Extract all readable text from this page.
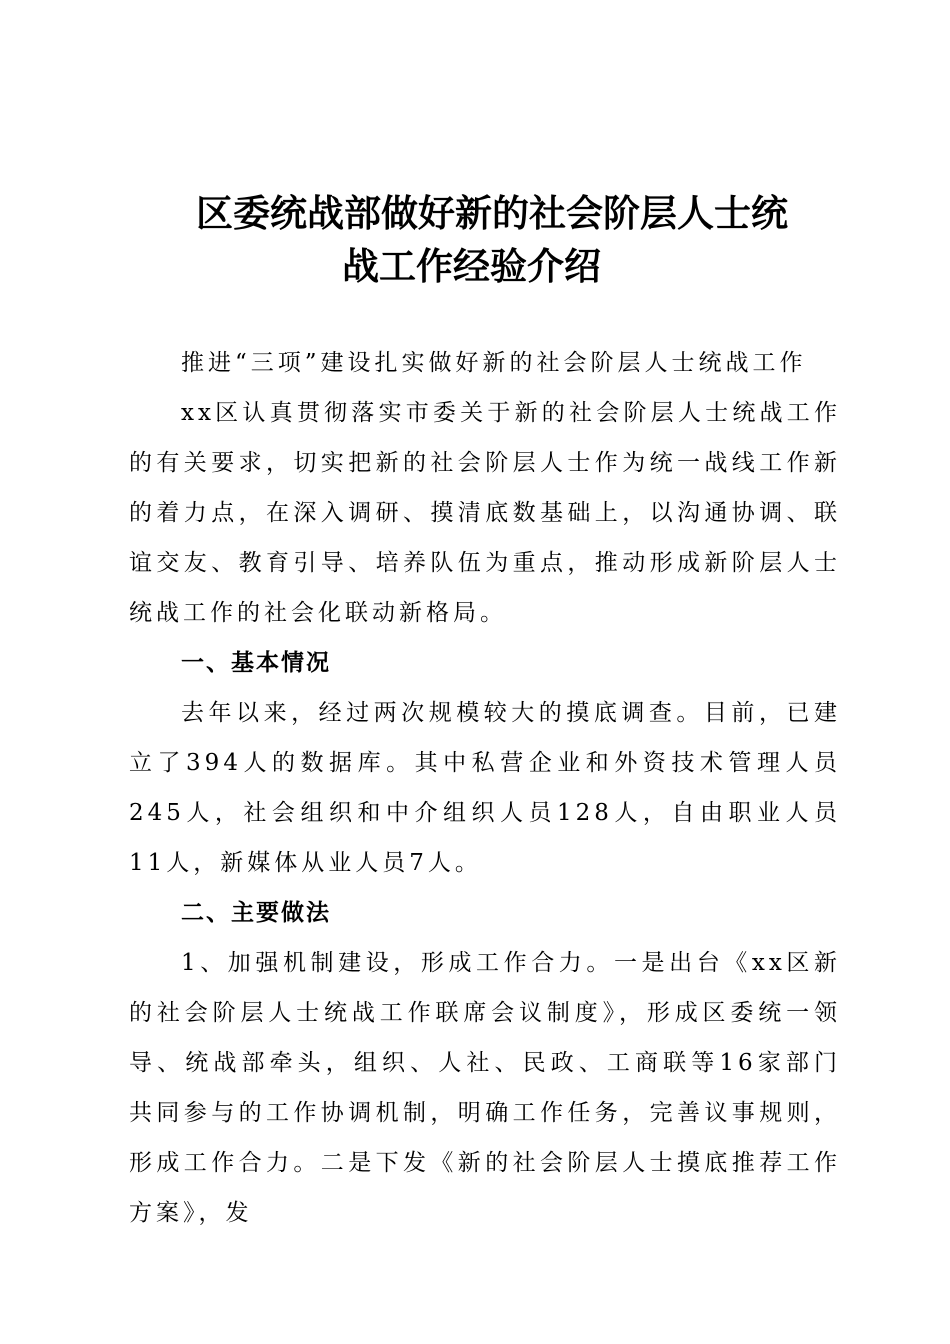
区委统战部做好新的社会阶层人士统
战工作经验介绍

推进“三项”建设扎实做好新的社会阶层人士统战工作

xx区认真贯彻落实市委关于新的社会阶层人士统战工作的有关要求，切实把新的社会阶层人士作为统一战线工作新的着力点，在深入调研、摸清底数基础上，以沟通协调、联谊交友、教育引导、培养队伍为重点，推动形成新阶层人士统战工作的社会化联动新格局。

一、基本情况

去年以来，经过两次规模较大的摸底调查。目前，已建立了394人的数据库。其中私营企业和外资技术管理人员245人，社会组织和中介组织人员128人，自由职业人员11人，新媒体从业人员7人。

二、主要做法

1、加强机制建设，形成工作合力。一是出台《xx区新的社会阶层人士统战工作联席会议制度》，形成区委统一领导、统战部牵头，组织、人社、民政、工商联等16家部门共同参与的工作协调机制，明确工作任务，完善议事规则，形成工作合力。二是下发《新的社会阶层人士摸底推荐工作方案》，发
